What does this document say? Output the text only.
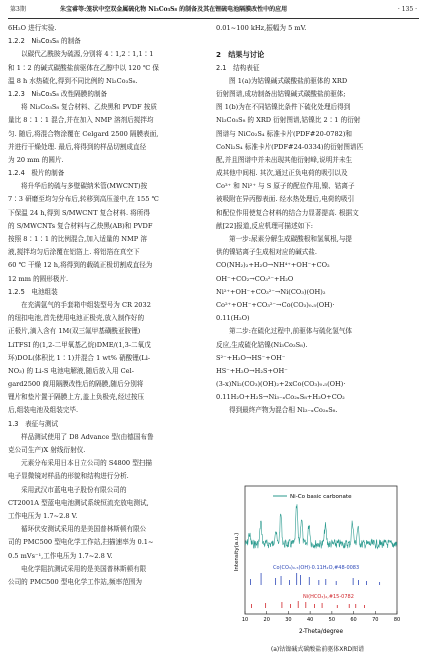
第3期	朱宝睿等:笼状中空双金属硫化物 Ni₃Co₃S₈ 的制备及其在锂硫电池隔膜改性中的应用	· 135 ·
6H₂O 进行实验.
1.2.2　Ni₃Co₃S₈ 的制备
以碳代乙酰胺为硫源,分别将 4∶1,2∶1,1∶1
和 1∶2 的碱式碳酸盐前驱体在乙醇中以 120 ℃ 保
温 8 h 水热硫化,得到不同比例的 Ni₃Co₃S₈.
1.2.3　Ni₃Co₃S₈ 改性隔膜的制备
将 Ni₃Co₃S₈ 复合材料、乙炔黑和 PVDF 按质
量比 8∶1∶1 混合,并在加入 NMP 溶剂后搅拌均
匀. 随后,将混合物涂覆在 Celgard 2500 隔膜表面,
并进行干燥处理. 最后,将得到的样品切割成直径
为 20 mm 的圆片.
1.2.4　极片的制备
将升华后的硫与多壁碳纳米管(MWCNT)按
7∶3 研磨至均匀分布后,转移到高压釜中,在 155 ℃
下保温 24 h,得到 S/MWCNT 复合材料. 将所得
的 S/MWCNTs 复合材料与乙炔黑(AB)和 PVDF
按照 8∶1∶1 的比例混合,加入适量的 NMP 溶
液,搅拌均匀后涂覆在铝箔上. 将铝箔在真空下
60 ℃ 干燥 12 h,将得到的载硫正极切割成直径为
12 mm 的圆形极片.
1.2.5　电池组装
在充满氩气的手套箱中组装型号为 CR 2032
的纽扣电池,首先使用电池正极壳,放入制作好的
正极片,滴入含有 1M(双三氟甲基磺酰亚胺锂)
LiTFSI 的(1,2-二甲氧基乙烷)DME/(1,3-二氧戊
环)DOL(体积比 1∶1)并混合 1 wt% 硝酸锂(Li-
NO₃) 的 Li-S 电池电解液,随后放入用 Cel-
gard2500 商用隔膜改性后的隔膜,随后分别将
锂片和垫片置于隔膜上方,盖上负极壳,经过按压
后,组装电池及组装完毕.
1.3　表征与测试
样品测试使用了 D8 Advance 型(由德国布鲁
克公司生产)X 射线衍射仪.
元素分布采用日本日立公司的 S4800 型扫描
电子显微镜对样品的形貌和结构进行分析.
采用武汉市蓝电电子股份有限公司的
CT2001A 型蓝电电池测试系统恒流充放电测试,
工作电压为 1.7~2.8 V.
循环伏安测试采用的是美国普林斯顿有限公
司的 PMC500 型电化学工作站,扫描速率为 0.1~
0.5 mVs⁻¹,工作电压为 1.7~2.8 V.
电化学阻抗测试采用的是美国普林斯顿有限
公司的 PMC500 型电化学工作站,频率范围为
0.01~100 kHz,振幅为 5 mV.
2　结果与讨论
2.1　结构表征
图 1(a)为钴镍碱式碳酸盐前驱体的 XRD
衍射图谱,成功制备出钴镍碱式碳酸盐前驱体;
图 1(b)为在不同钴镍比条件下硫化处理后得到
Ni₃Co₃S₈ 的 XRD 衍射图谱,钴镍比 2∶1 的衍射
图谱与 NiCo₂S₄ 标准卡片(PDF#20-0782)和
CoNi₂S₄ 标准卡片(PDF#24-0334)的衍射图谱匹
配,并且图谱中并未出现其他衍射峰,说明并未生
成其他中间相. 其次,通过正负电荷的吸引以及
Co³⁺ 和 Ni²⁺ 与 S 原子的配位作用,镍、钴离子
被吸附在异丙醇表面. 经水热处理后,电荷的吸引
和配位作用使复合材料的结合力显著提高. 根据文
献[22]报道,反应机理可描述如下:
第一步:尿素分解生成碳酸根和氢氧根,与提
供的镍钴离子生成相对应的碱式盐.
CO(NH₂)₂+H₂O→NH⁴⁺+OH⁻+CO₂
OH⁻+CO₂→CO₃²⁻+H₂O
Ni²⁺+OH⁻+CO₃²⁻→Ni(CO₃)(OH)₂
Co²⁺+OH⁻+CO₃²⁻→Co(CO₃)₀.₅(OH)·
0.11(H₂O)
第二步:在硫化过程中,前驱体与硫化氢气体
反应,生成硫化钴镍(Ni₃Co₃S₈).
S²⁻+H₂O→HS⁻+OH⁻
HS⁻+H₂O→H₂S+OH⁻
(3-x)Ni₂(CO₃)(OH)₂+2xCo(CO₃)₀.₅(OH)·
0.11H₂O+H₂S→Ni₃₋ₓCo₂ₓS₈+H₂O+CO₂
得到最终产物为混合相 Ni₃₋ₓCo₂ₓS₈.
Intensity(a.u.)
Ni-Co basic carbonate
Co(CO₃)₀.₅(OH)·0.11H₂O,#48-0083
Ni(HCO₃)₂,#15-0782
2-Theta/degree
10	20	30	40	50	60	70	80
(a)钴镍碱式碳酸盐前驱体XRD图谱
